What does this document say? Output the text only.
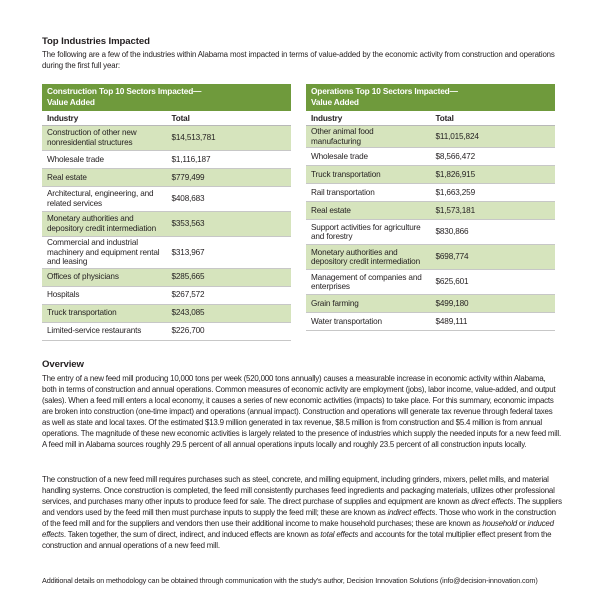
Top Industries Impacted

The following are a few of the industries within Alabama most impacted in terms of value-added by the economic activity from construction and operations during the first full year:

Construction Top 10 Sectors Impacted—
Value Added	
Industry	Total
Construction of other new nonresidential structures	$14,513,781
Wholesale trade	$1,116,187
Real estate	$779,499
Architectural, engineering, and related services	$408,683
Monetary authorities and depository credit intermediation	$353,563
Commercial and industrial machinery and equipment rental and leasing	$313,967
Offices of physicians	$285,665
Hospitals	$267,572
Truck transportation	$243,085
Limited-service restaurants	$226,700
Operations Top 10 Sectors Impacted—
Value Added	
Industry	Total
Other animal food manufacturing	$11,015,824
Wholesale trade	$8,566,472
Truck transportation	$1,826,915
Rail transportation	$1,663,259
Real estate	$1,573,181
Support activities for agriculture and forestry	$830,866
Monetary authorities and depository credit intermediation	$698,774
Management of companies and enterprises	$625,601
Grain farming	$499,180
Water transportation	$489,111
Overview

The entry of a new feed mill producing 10,000 tons per week (520,000 tons annually) causes a measurable increase in economic activity within Alabama, both in terms of construction and annual operations. Common measures of economic activity are employment (jobs), labor income, value-added, and output (sales). When a feed mill enters a local economy, it causes a series of new economic activities (impacts) to take place. For this summary, economic impacts are broken into construction (one-time impact) and operations (annual impact). Construction and operations will generate tax revenue through federal taxes as well as state and local taxes. Of the estimated $13.9 million generated in tax revenue, $8.5 million is from construction and $5.4 million is from annual operations. The magnitude of these new economic activities is largely related to the presence of industries which supply the needed inputs for a new feed mill. A feed mill in Alabama sources roughly 29.5 percent of all annual operations inputs locally and roughly 23.5 percent of all construction inputs locally.

The construction of a new feed mill requires purchases such as steel, concrete, and milling equipment, including grinders, mixers, pellet mills, and material handling systems. Once construction is completed, the feed mill consistently purchases feed ingredients and packaging materials, utilizes other professional services, and purchases many other inputs to produce feed for sale. The direct purchase of supplies and equipment are known as direct effects. The suppliers and vendors used by the feed mill then must purchase inputs to supply the feed mill; these are known as indirect effects. Those who work in the construction of the feed mill and for the suppliers and vendors then use their additional income to make household purchases; these are known as household or induced effects. Taken together, the sum of direct, indirect, and induced effects are known as total effects and accounts for the total multiplier effect present from the construction and annual operations of a new feed mill.

Additional details on methodology can be obtained through communication with the study’s author, Decision Innovation Solutions (info@decision-innovation.com)
